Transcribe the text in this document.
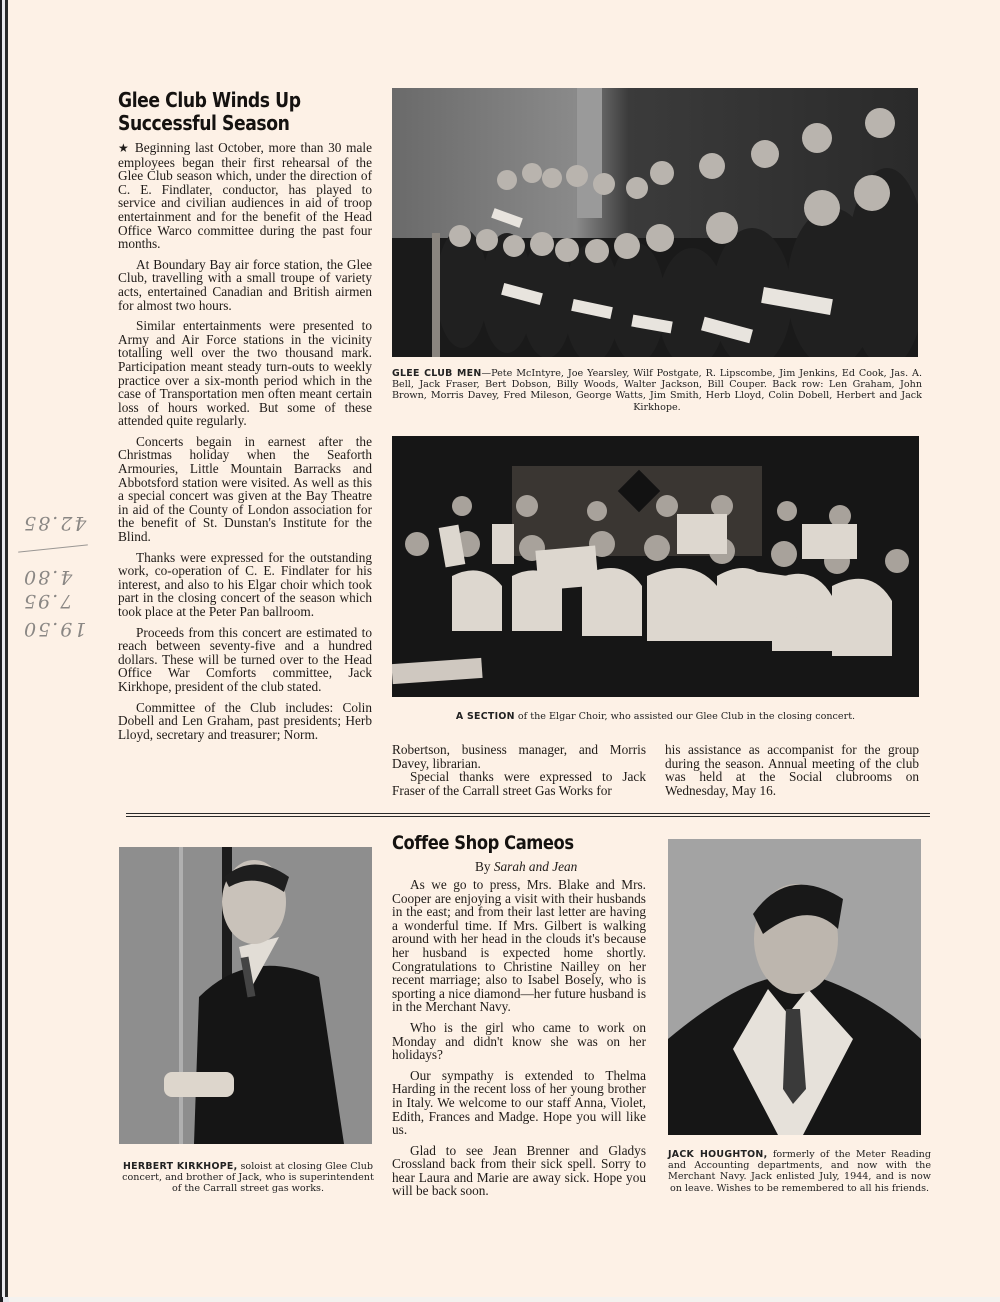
42.85
4.80
7.95
19.50
Glee Club Winds Up
Successful Season

★ Beginning last October, more than 30 male employees began their first rehearsal of the Glee Club season which, under the direction of C. E. Findlater, conductor, has played to service and civilian audiences in aid of troop entertainment and for the benefit of the Head Office Warco committee during the past four months.

At Boundary Bay air force station, the Glee Club, travelling with a small troupe of variety acts, entertained Canadian and British airmen for almost two hours.

Similar entertainments were presented to Army and Air Force stations in the vicinity totalling well over the two thousand mark. Participation meant steady turn-outs to weekly practice over a six-month period which in the case of Transportation men often meant certain loss of hours worked. But some of these attended quite regularly.

Concerts begain in earnest after the Christmas holiday when the Seaforth Armouries, Little Mountain Barracks and Abbotsford station were visited. As well as this a special concert was given at the Bay Theatre in aid of the County of London association for the benefit of St. Dunstan's Institute for the Blind.

Thanks were expressed for the outstanding work, co-operation of C. E. Findlater for his interest, and also to his Elgar choir which took part in the closing concert of the season which took place at the Peter Pan ballroom.

Proceeds from this concert are estimated to reach between seventy-five and a hundred dollars. These will be turned over to the Head Office War Comforts committee, Jack Kirkhope, president of the club stated.

Committee of the Club includes: Colin Dobell and Len Graham, past presidents; Herb Lloyd, secretary and treasurer; Norm.

GLEE CLUB MEN—Pete McIntyre, Joe Yearsley, Wilf Postgate, R. Lipscombe, Jim Jenkins, Ed Cook, Jas. A. Bell, Jack Fraser, Bert Dobson, Billy Woods, Walter Jackson, Bill Couper. Back row: Len Graham, John Brown, Morris Davey, Fred Mileson, George Watts, Jim Smith, Herb Lloyd, Colin Dobell, Herbert and Jack Kirkhope.
A SECTION of the Elgar Choir, who assisted our Glee Club in the closing concert.

Robertson, business manager, and Morris Davey, librarian.

Special thanks were expressed to Jack Fraser of the Carrall street Gas Works for

his assistance as accompanist for the group during the season. Annual meeting of the club was held at the Social clubrooms on Wednesday, May 16.

HERBERT KIRKHOPE, soloist at closing Glee Club concert, and brother of Jack, who is superintendent of the Carrall street gas works.
Coffee Shop Cameos
By Sarah and Jean

As we go to press, Mrs. Blake and Mrs. Cooper are enjoying a visit with their husbands in the east; and from their last letter are having a wonderful time. If Mrs. Gilbert is walking around with her head in the clouds it's because her husband is expected home shortly. Congratulations to Christine Nailley on her recent marriage; also to Isabel Bosely, who is sporting a nice diamond—her future husband is in the Merchant Navy.

Who is the girl who came to work on Monday and didn't know she was on her holidays?

Our sympathy is extended to Thelma Harding in the recent loss of her young brother in Italy. We welcome to our staff Anna, Violet, Edith, Frances and Madge. Hope you will like us.

Glad to see Jean Brenner and Gladys Crossland back from their sick spell. Sorry to hear Laura and Marie are away sick. Hope you will be back soon.

JACK HOUGHTON, formerly of the Meter Reading and Accounting departments, and now with the Merchant Navy. Jack enlisted July, 1944, and is now on leave. Wishes to be remembered to all his friends.
